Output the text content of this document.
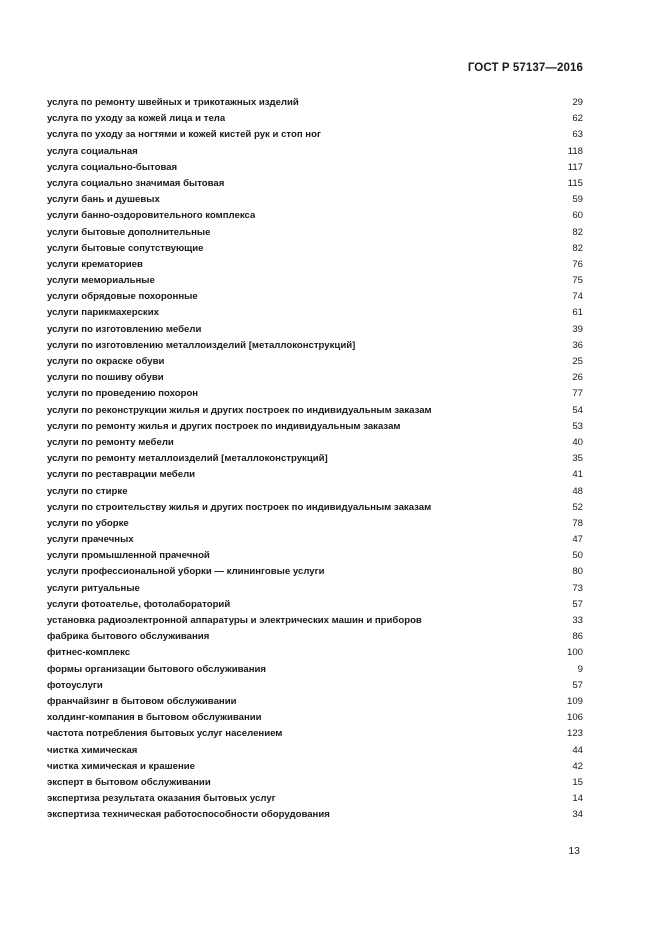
ГОСТ Р 57137—2016
услуга по ремонту швейных и трикотажных изделий	29
услуга по уходу за кожей лица и тела	62
услуга по уходу за ногтями и кожей кистей рук и стоп ног	63
услуга социальная	118
услуга социально-бытовая	117
услуга социально значимая бытовая	115
услуги бань и душевых	59
услуги банно-оздоровительного комплекса	60
услуги бытовые дополнительные	82
услуги бытовые сопутствующие	82
услуги крематориев	76
услуги мемориальные	75
услуги обрядовые похоронные	74
услуги парикмахерских	61
услуги по изготовлению мебели	39
услуги по изготовлению металлоизделий [металлоконструкций]	36
услуги по окраске обуви	25
услуги по пошиву обуви	26
услуги по проведению похорон	77
услуги по реконструкции жилья и других построек по индивидуальным заказам	54
услуги по ремонту жилья и других построек по индивидуальным заказам	53
услуги по ремонту мебели	40
услуги по ремонту металлоизделий [металлоконструкций]	35
услуги по реставрации мебели	41
услуги по стирке	48
услуги по строительству жилья и других построек по индивидуальным заказам	52
услуги по уборке	78
услуги прачечных	47
услуги промышленной прачечной	50
услуги профессиональной уборки — клининговые услуги	80
услуги ритуальные	73
услуги фотоателье, фотолабораторий	57
установка радиоэлектронной аппаратуры и электрических машин и приборов	33
фабрика бытового обслуживания	86
фитнес-комплекс	100
формы организации бытового обслуживания	9
фотоуслуги	57
франчайзинг в бытовом обслуживании	109
холдинг-компания в бытовом обслуживании	106
частота потребления бытовых услуг населением	123
чистка химическая	44
чистка химическая и крашение	42
эксперт в бытовом обслуживании	15
экспертиза результата оказания бытовых услуг	14
экспертиза техническая работоспособности оборудования	34
13
